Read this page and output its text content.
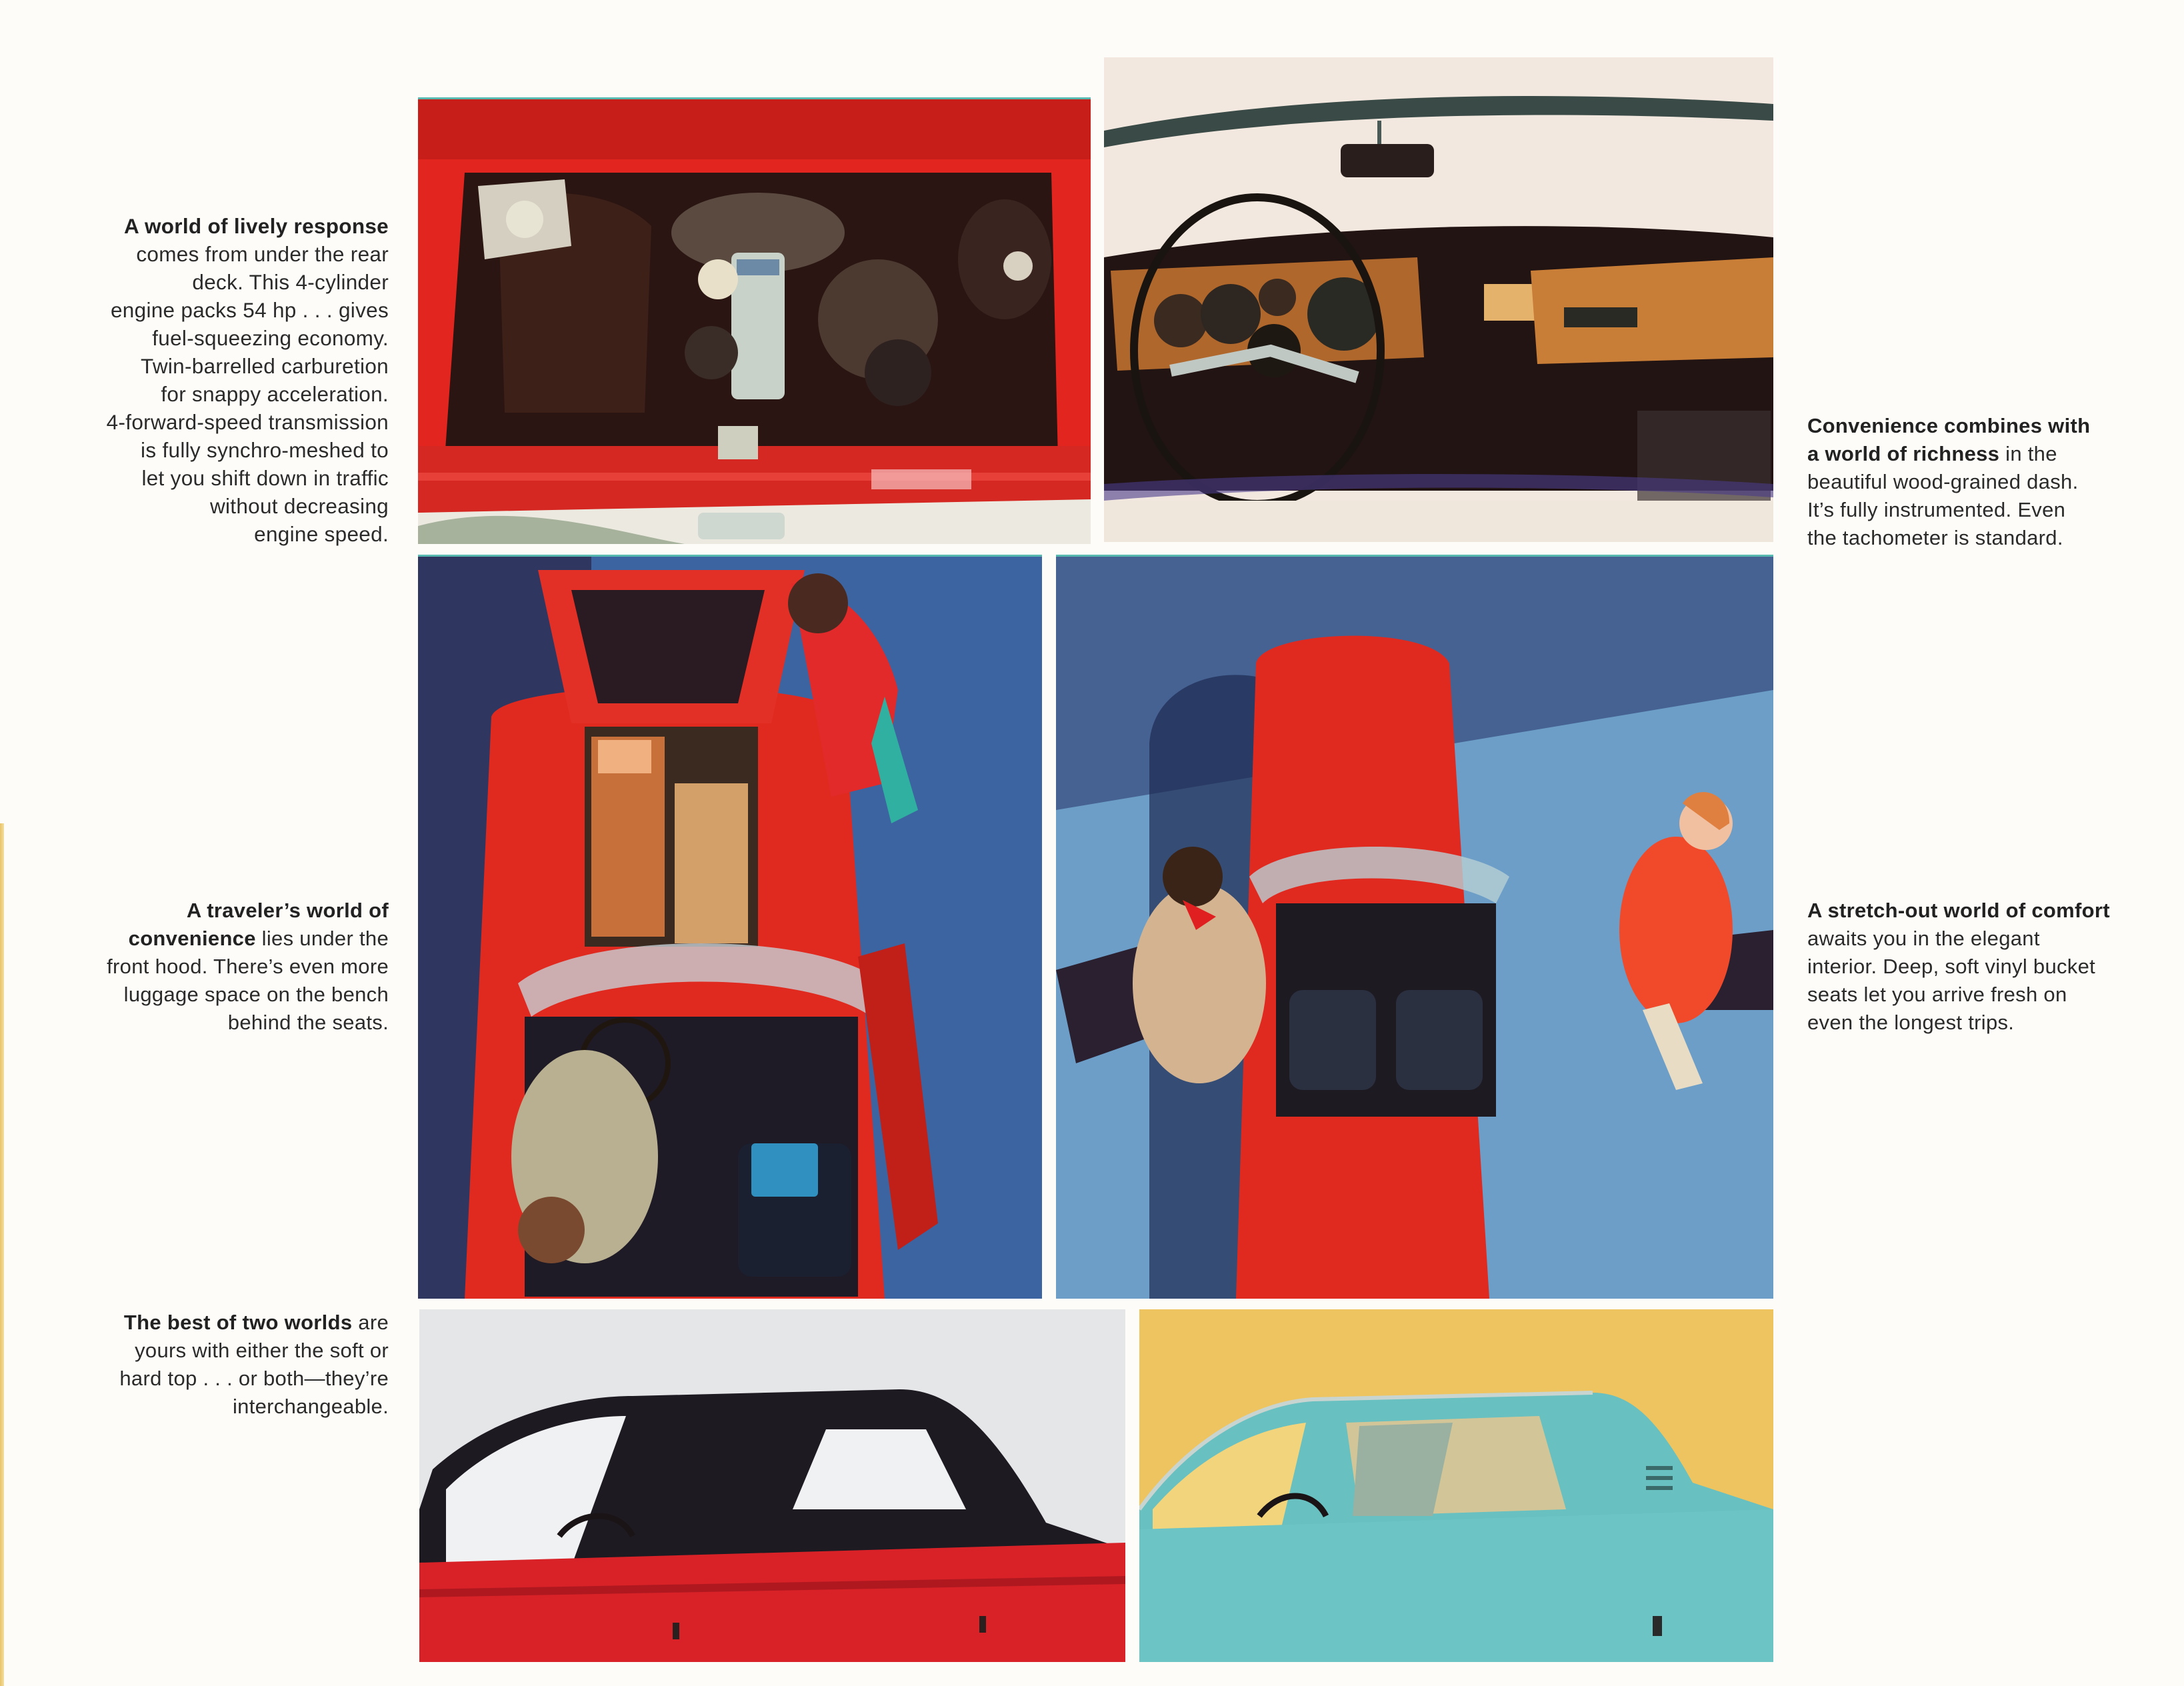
A world of lively response
comes from under the rear
deck. This 4-cylinder
engine packs 54 hp . . . gives
fuel-squeezing economy.
Twin-barrelled carburetion
for snappy acceleration.
4-forward-speed transmission
is fully synchro-meshed to
let you shift down in traffic
without decreasing
engine speed.
Convenience combines with
a world of richness in the
beautiful wood-grained dash.
It’s fully instrumented. Even
the tachometer is standard.
A traveler’s world of
convenience lies under the
front hood. There’s even more
luggage space on the bench
behind the seats.
A stretch-out world of comfort
awaits you in the elegant
interior. Deep, soft vinyl bucket
seats let you arrive fresh on
even the longest trips.
The best of two worlds are
yours with either the soft or
hard top . . . or both—they’re
interchangeable.
